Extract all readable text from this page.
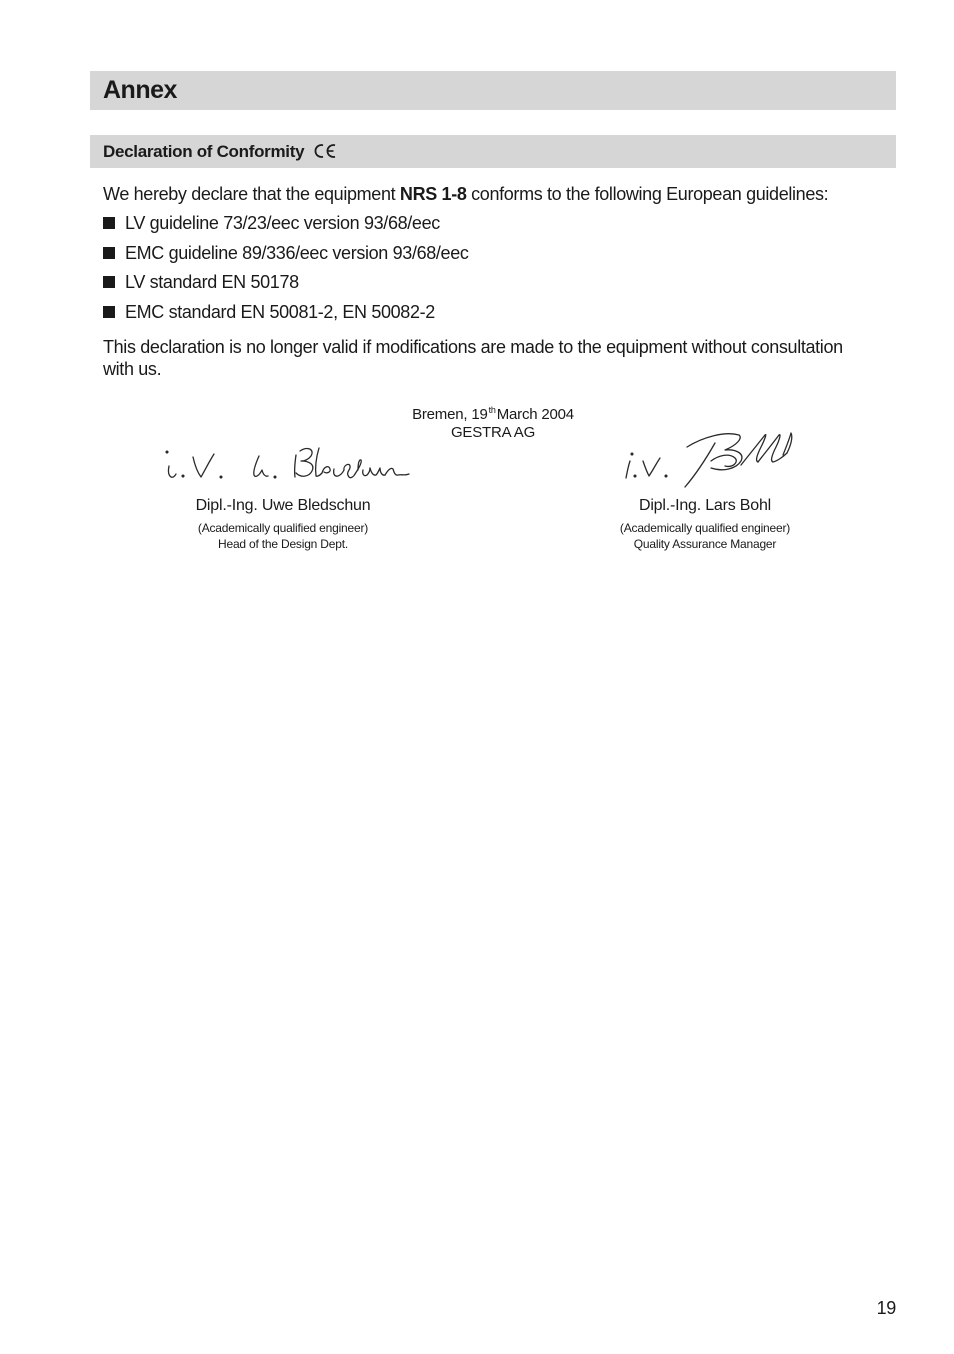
Annex
Declaration of Conformity
We hereby declare that the equipment NRS 1-8 conforms to the following European guidelines:
LV guideline 73/23/eec version 93/68/eec
EMC guideline 89/336/eec version 93/68/eec
LV standard EN 50178
EMC standard EN 50081-2, EN 50082-2
This declaration is no longer valid if modifications are made to the equipment without consultation with us.
Bremen, 19thMarch 2004
GESTRA AG
Dipl.-Ing. Uwe Bledschun
(Academically qualified engineer)
Head of the Design Dept.
Dipl.-Ing. Lars Bohl
(Academically qualified engineer)
Quality Assurance Manager
19
